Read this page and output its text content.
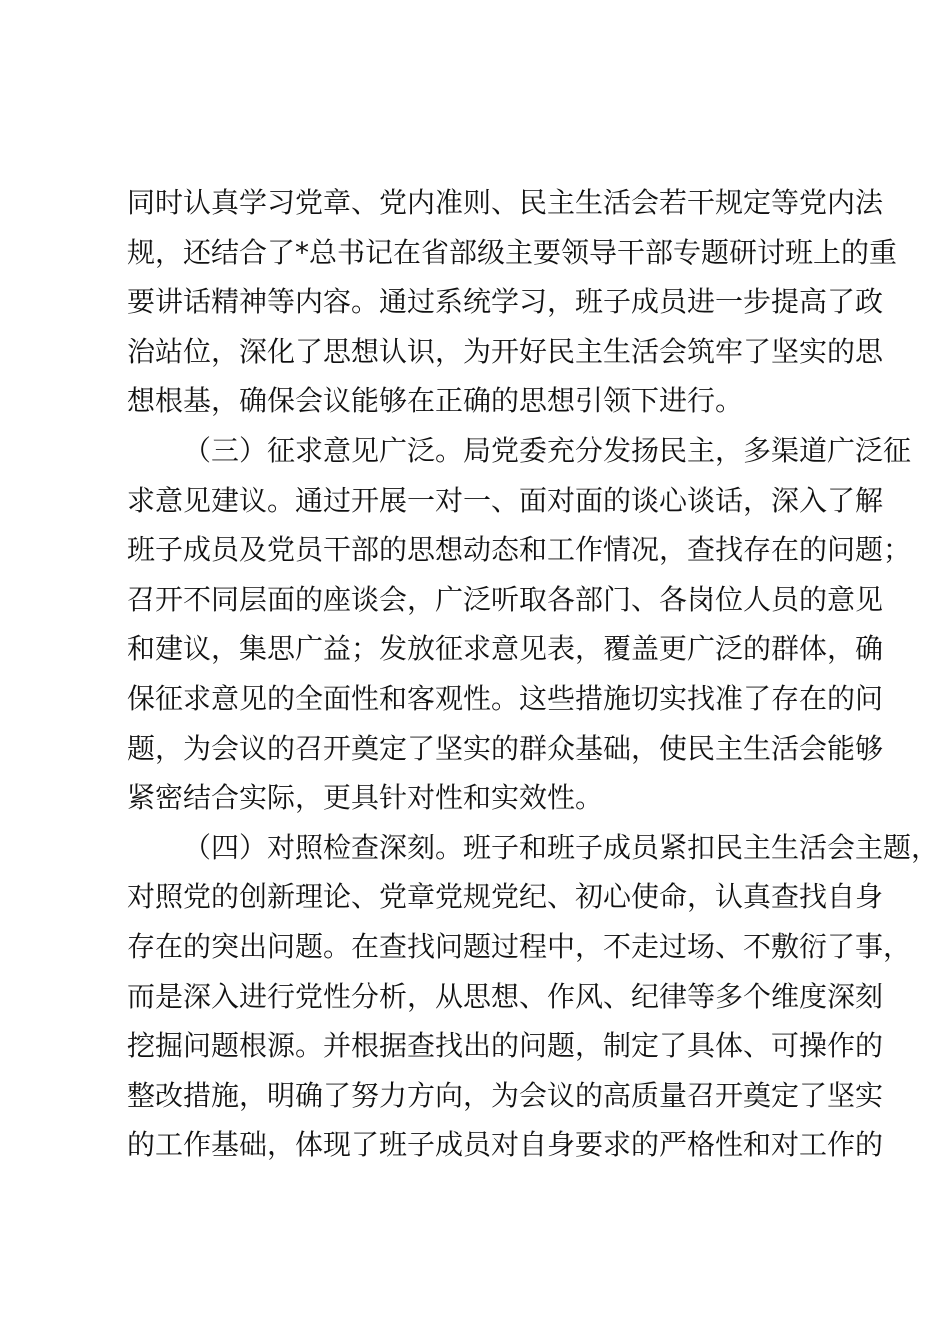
同时认真学习党章、党内准则、民主生活会若干规定等党内法
规，还结合了*总书记在省部级主要领导干部专题研讨班上的重
要讲话精神等内容。通过系统学习，班子成员进一步提高了政
治站位，深化了思想认识，为开好民主生活会筑牢了坚实的思
想根基，确保会议能够在正确的思想引领下进行。
（三）征求意见广泛。局党委充分发扬民主，多渠道广泛征
求意见建议。通过开展一对一、面对面的谈心谈话，深入了解
班子成员及党员干部的思想动态和工作情况，查找存在的问题；
召开不同层面的座谈会，广泛听取各部门、各岗位人员的意见
和建议，集思广益；发放征求意见表，覆盖更广泛的群体，确
保征求意见的全面性和客观性。这些措施切实找准了存在的问
题，为会议的召开奠定了坚实的群众基础，使民主生活会能够
紧密结合实际，更具针对性和实效性。
（四）对照检查深刻。班子和班子成员紧扣民主生活会主题，
对照党的创新理论、党章党规党纪、初心使命，认真查找自身
存在的突出问题。在查找问题过程中，不走过场、不敷衍了事，
而是深入进行党性分析，从思想、作风、纪律等多个维度深刻
挖掘问题根源。并根据查找出的问题，制定了具体、可操作的
整改措施，明确了努力方向，为会议的高质量召开奠定了坚实
的工作基础，体现了班子成员对自身要求的严格性和对工作的
